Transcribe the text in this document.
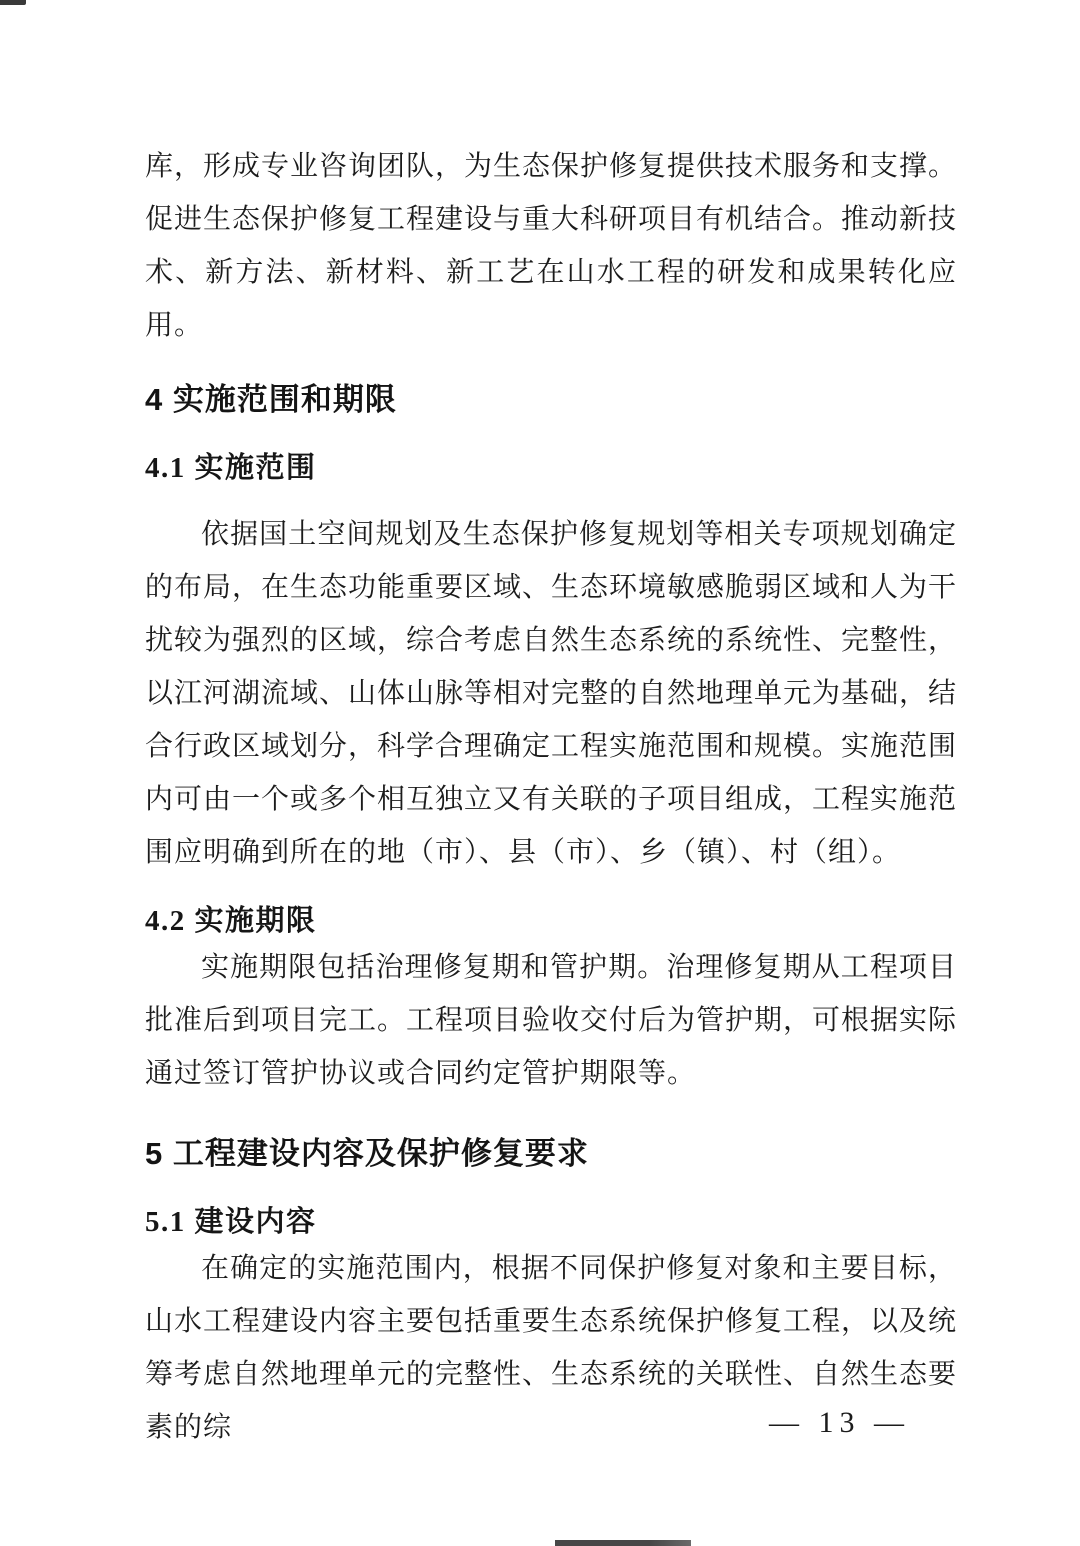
库，形成专业咨询团队，为生态保护修复提供技术服务和支撑。促进生态保护修复工程建设与重大科研项目有机结合。推动新技术、新方法、新材料、新工艺在山水工程的研发和成果转化应用。

4 实施范围和期限
4.1 实施范围

依据国土空间规划及生态保护修复规划等相关专项规划确定的布局，在生态功能重要区域、生态环境敏感脆弱区域和人为干扰较为强烈的区域，综合考虑自然生态系统的系统性、完整性，以江河湖流域、山体山脉等相对完整的自然地理单元为基础，结合行政区域划分，科学合理确定工程实施范围和规模。实施范围内可由一个或多个相互独立又有关联的子项目组成，工程实施范围应明确到所在的地（市）、县（市）、乡（镇）、村（组）。

4.2 实施期限

实施期限包括治理修复期和管护期。治理修复期从工程项目批准后到项目完工。工程项目验收交付后为管护期，可根据实际通过签订管护协议或合同约定管护期限等。

5 工程建设内容及保护修复要求
5.1 建设内容

在确定的实施范围内，根据不同保护修复对象和主要目标，山水工程建设内容主要包括重要生态系统保护修复工程，以及统筹考虑自然地理单元的完整性、生态系统的关联性、自然生态要素的综	— 13 —
